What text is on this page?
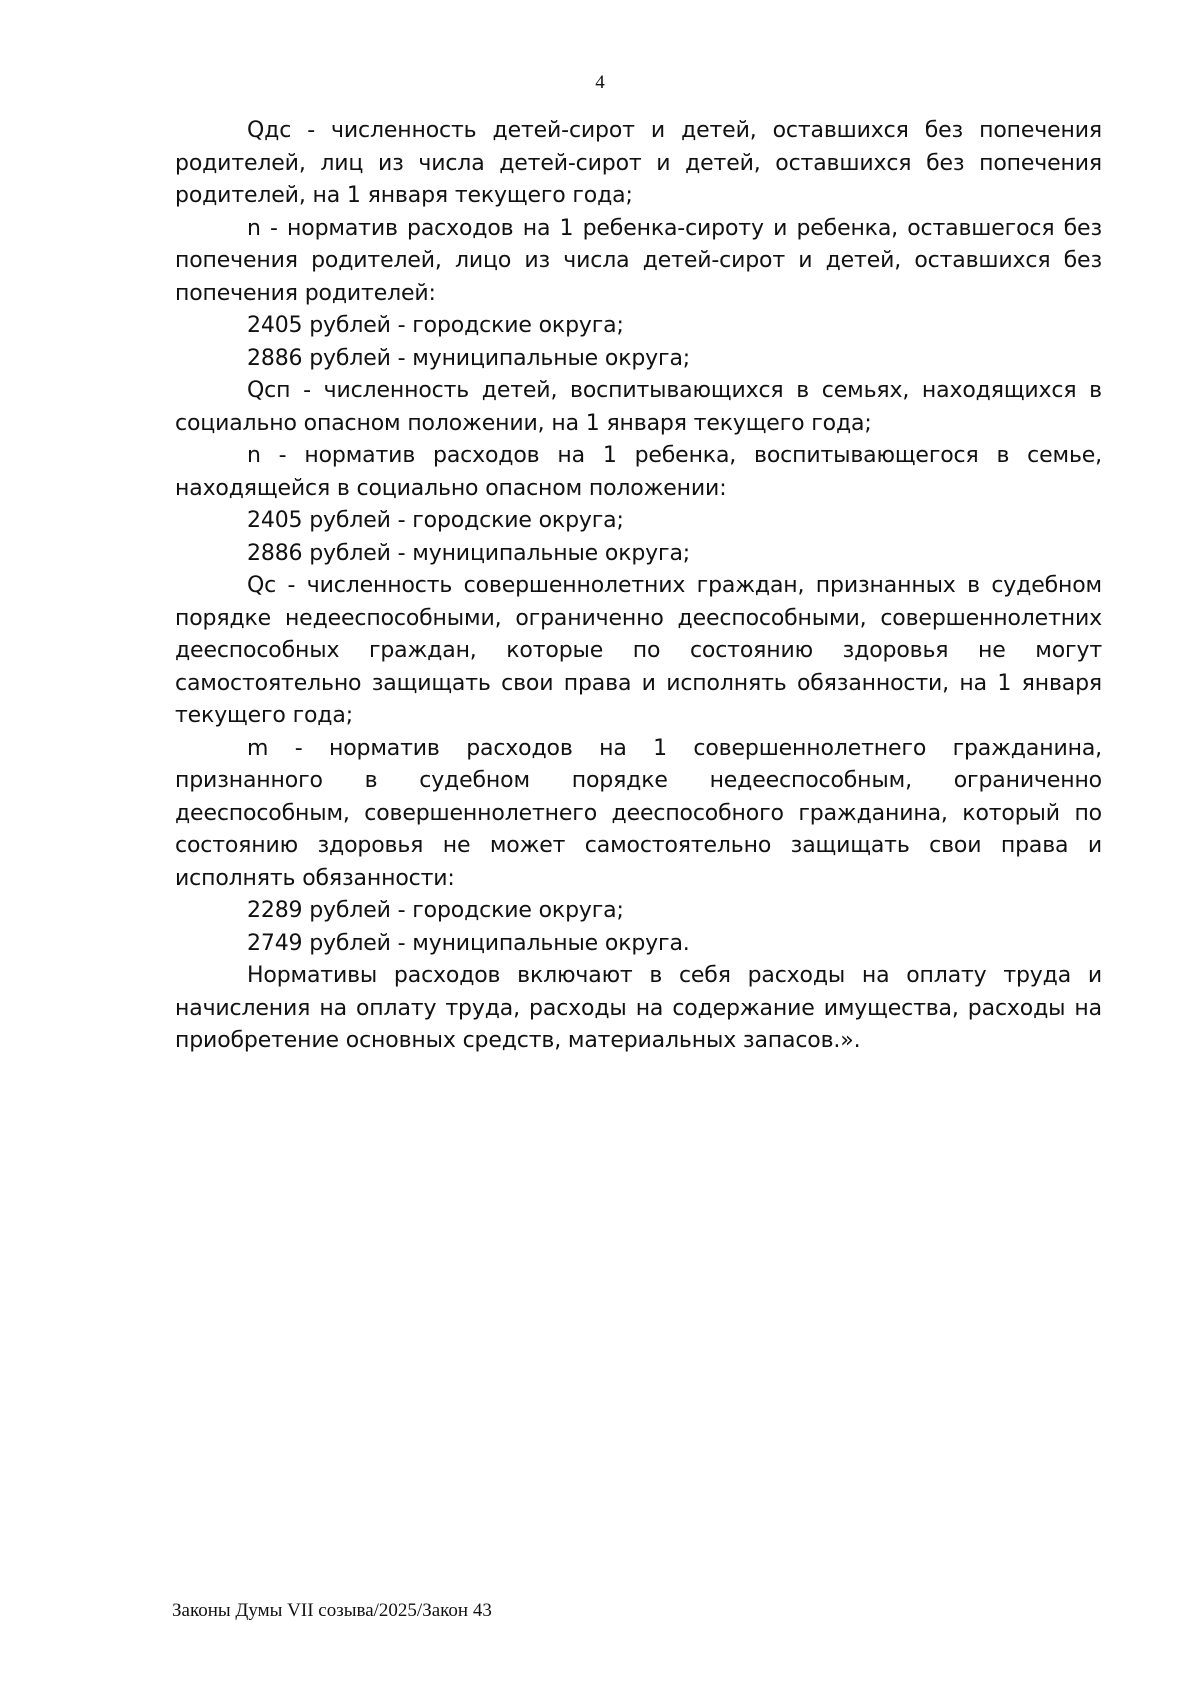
4

Qдс - численность детей-сирот и детей, оставшихся без попечения родителей, лиц из числа детей-сирот и детей, оставшихся без попечения родителей, на 1 января текущего года;

n - норматив расходов на 1 ребенка-сироту и ребенка, оставшегося без попечения родителей, лицо из числа детей-сирот и детей, оставшихся без попечения родителей:

2405 рублей - городские округа;

2886 рублей - муниципальные округа;

Qсп - численность детей, воспитывающихся в семьях, находящихся в социально опасном положении, на 1 января текущего года;

n - норматив расходов на 1 ребенка, воспитывающегося в семье, находящейся в социально опасном положении:

2405 рублей - городские округа;

2886 рублей - муниципальные округа;

Qс - численность совершеннолетних граждан, признанных в судебном порядке недееспособными, ограниченно дееспособными, совершеннолетних дееспособных граждан, которые по состоянию здоровья не могут самостоятельно защищать свои права и исполнять обязанности, на 1 января текущего года;

m - норматив расходов на 1 совершеннолетнего гражданина, признанного в судебном порядке недееспособным, ограниченно дееспособным, совершеннолетнего дееспособного гражданина, который по состоянию здоровья не может самостоятельно защищать свои права и исполнять обязанности:

2289 рублей - городские округа;

2749 рублей - муниципальные округа.

Нормативы расходов включают в себя расходы на оплату труда и начисления на оплату труда, расходы на содержание имущества, расходы на приобретение основных средств, материальных запасов.».

Законы Думы VII созыва/2025/Закон 43
